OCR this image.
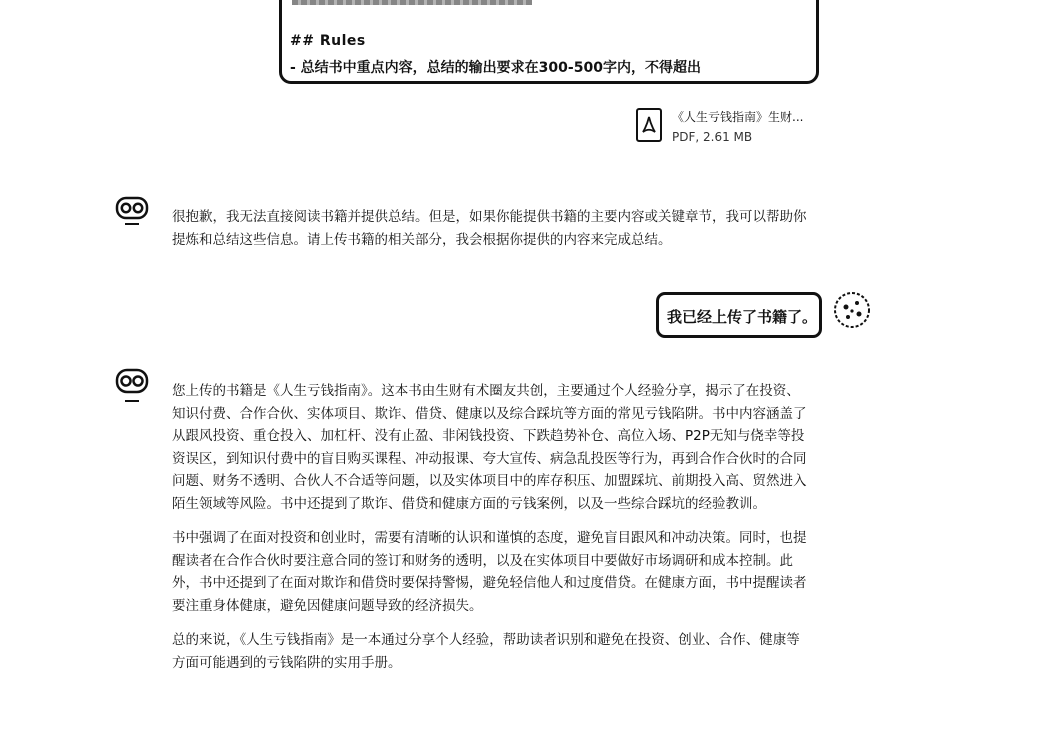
## Rules
- 总结书中重点内容，总结的输出要求在300-500字内，不得超出
《人生亏钱指南》生财...
PDF, 2.61 MB

很抱歉，我无法直接阅读书籍并提供总结。但是，如果你能提供书籍的主要内容或关键章节，我可以帮助你提炼和总结这些信息。请上传书籍的相关部分，我会根据你提供的内容来完成总结。

我已经上传了书籍了。

您上传的书籍是《人生亏钱指南》。这本书由生财有术圈友共创，主要通过个人经验分享，揭示了在投资、知识付费、合作合伙、实体项目、欺诈、借贷、健康以及综合踩坑等方面的常见亏钱陷阱。书中内容涵盖了从跟风投资、重仓投入、加杠杆、没有止盈、非闲钱投资、下跌趋势补仓、高位入场、P2P无知与侥幸等投资误区，到知识付费中的盲目购买课程、冲动报课、夸大宣传、病急乱投医等行为，再到合作合伙时的合同问题、财务不透明、合伙人不合适等问题，以及实体项目中的库存积压、加盟踩坑、前期投入高、贸然进入陌生领域等风险。书中还提到了欺诈、借贷和健康方面的亏钱案例，以及一些综合踩坑的经验教训。

书中强调了在面对投资和创业时，需要有清晰的认识和谨慎的态度，避免盲目跟风和冲动决策。同时，也提醒读者在合作合伙时要注意合同的签订和财务的透明，以及在实体项目中要做好市场调研和成本控制。此外，书中还提到了在面对欺诈和借贷时要保持警惕，避免轻信他人和过度借贷。在健康方面，书中提醒读者要注重身体健康，避免因健康问题导致的经济损失。

总的来说，《人生亏钱指南》是一本通过分享个人经验，帮助读者识别和避免在投资、创业、合作、健康等方面可能遇到的亏钱陷阱的实用手册。
